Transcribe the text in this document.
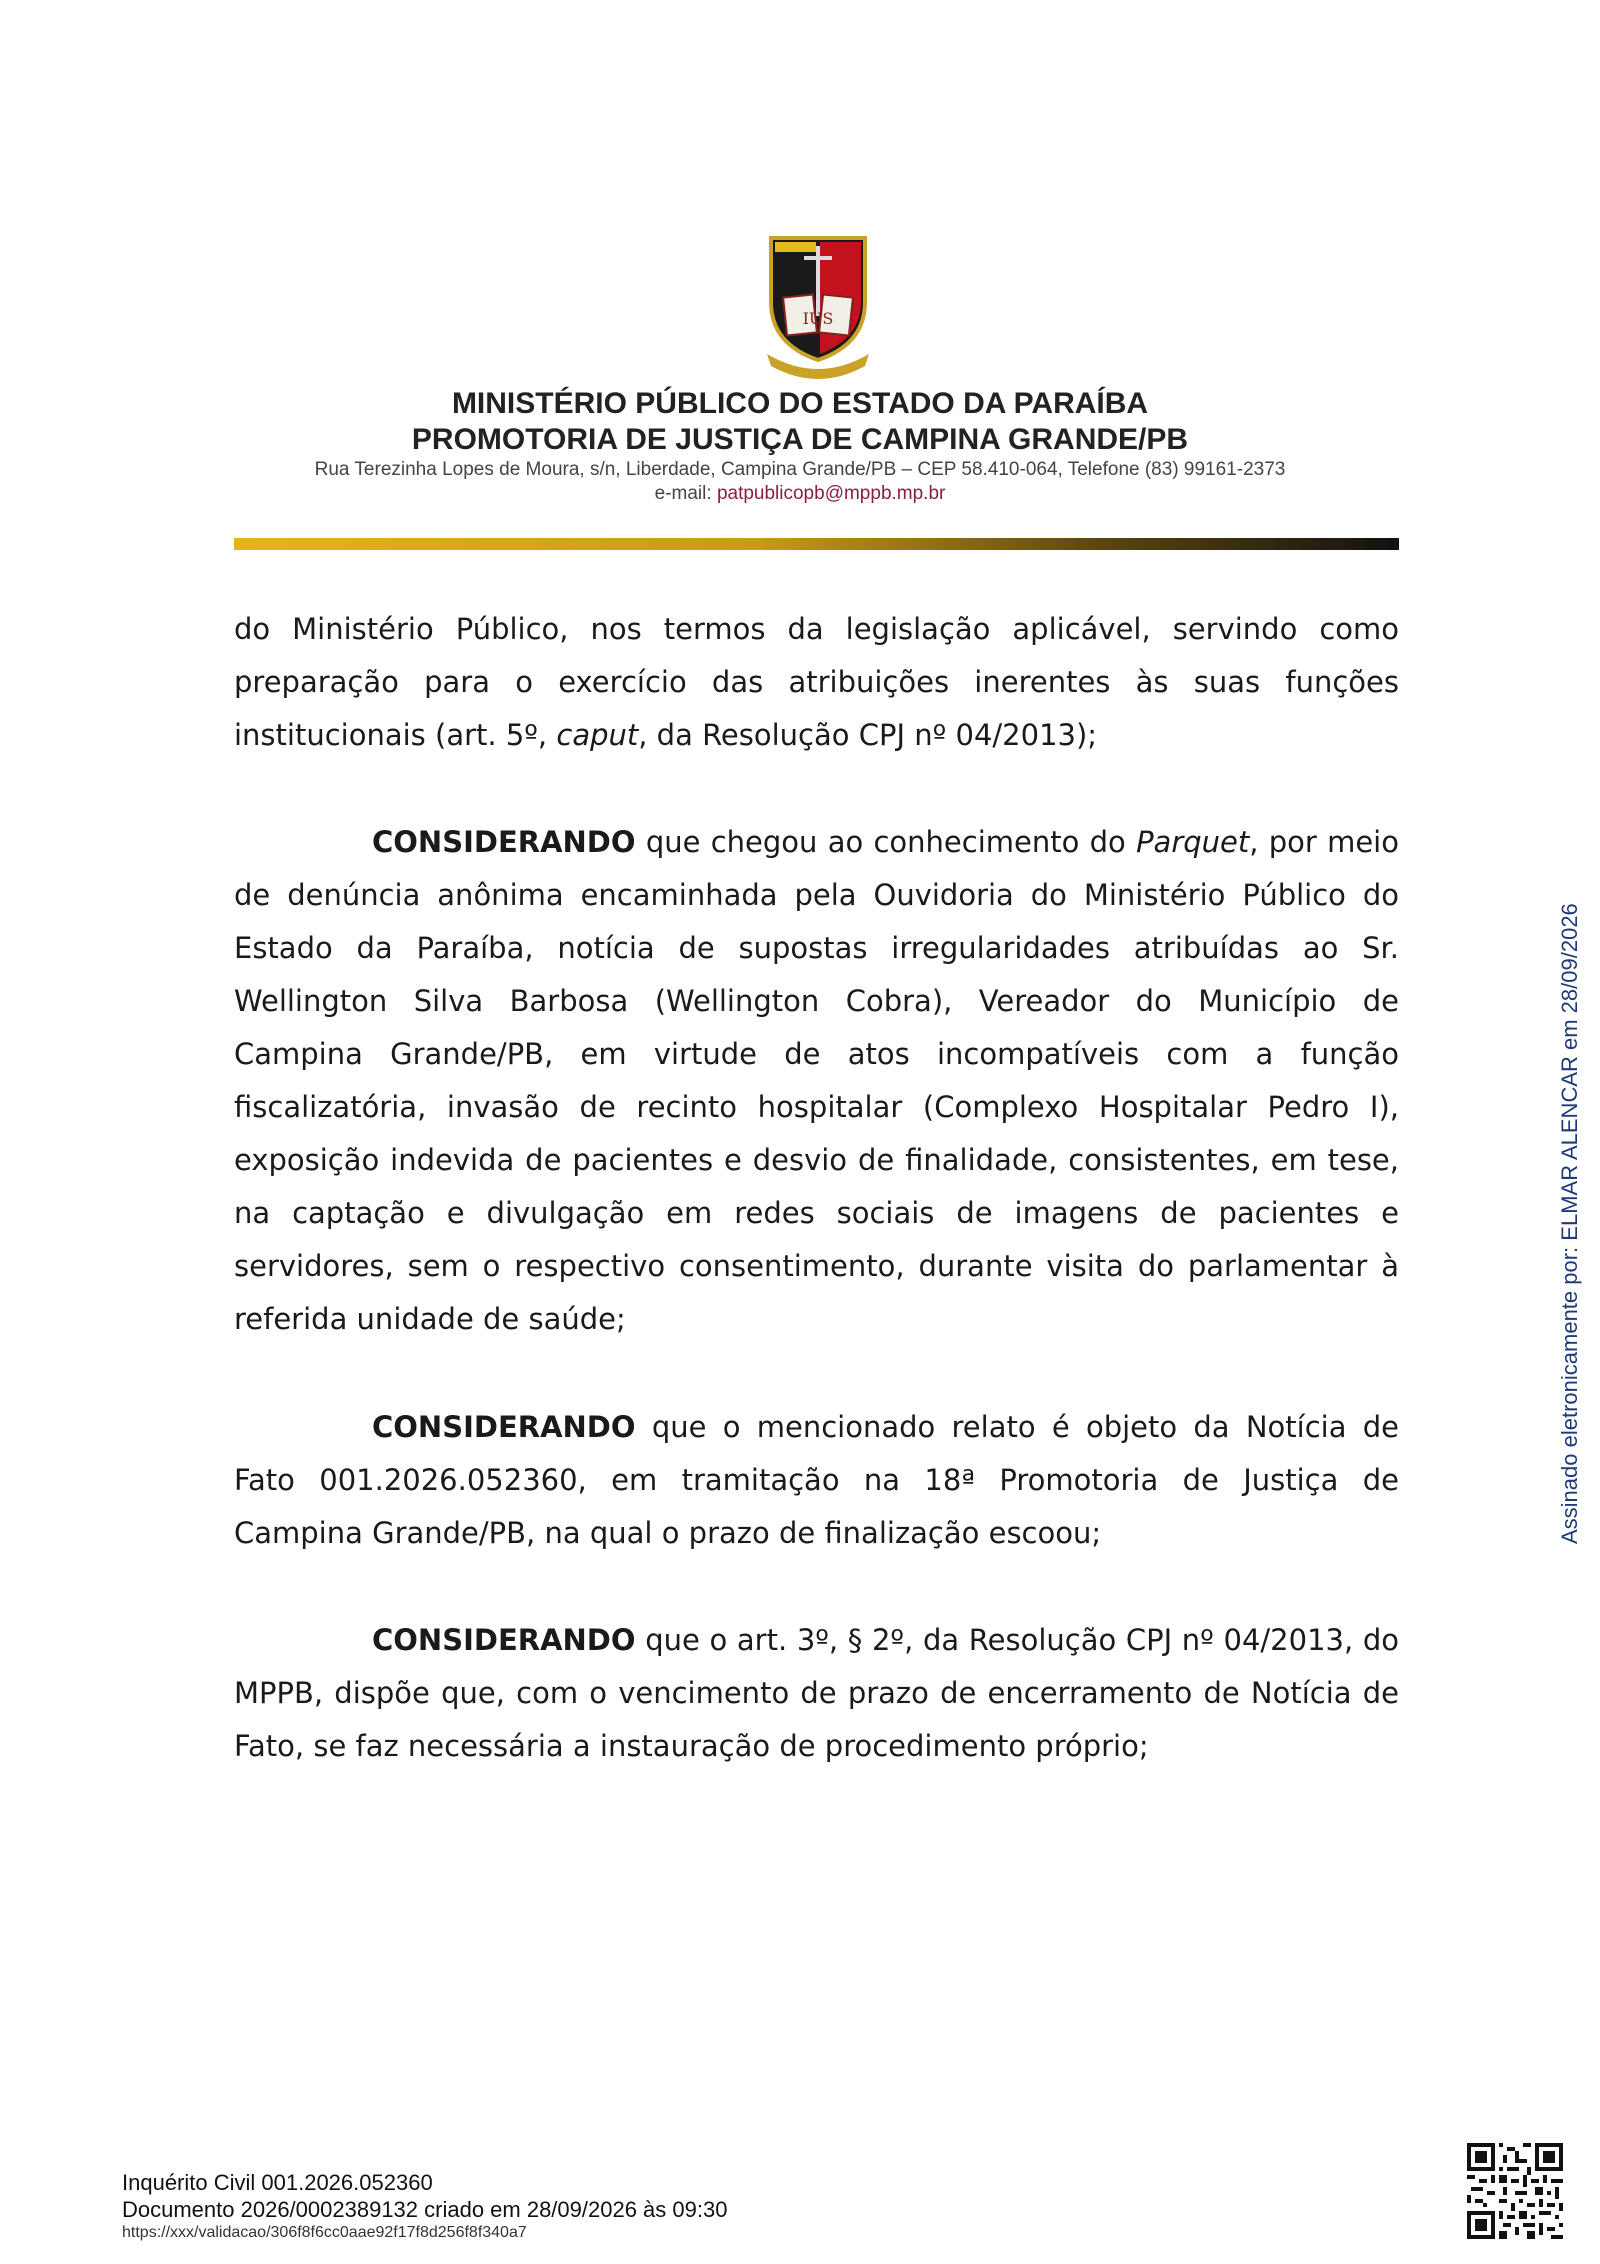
IUS
MINISTÉRIO PÚBLICO DO ESTADO DA PARAÍBA
PROMOTORIA DE JUSTIÇA DE CAMPINA GRANDE/PB
Rua Terezinha Lopes de Moura, s/n, Liberdade, Campina Grande/PB – CEP 58.410-064, Telefone (83) 99161-2373
e-mail: patpublicopb@mppb.mp.br

do Ministério Público, nos termos da legislação aplicável, servindo como preparação para o exercício das atribuições inerentes às suas funções institucionais (art. 5º, caput, da Resolução CPJ nº 04/2013);

CONSIDERANDO que chegou ao conhecimento do Parquet, por meio de denúncia anônima encaminhada pela Ouvidoria do Ministério Público do Estado da Paraíba, notícia de supostas irregularidades atribuídas ao Sr. Wellington Silva Barbosa (Wellington Cobra), Vereador do Município de Campina Grande/PB, em virtude de atos incompatíveis com a função fiscalizatória, invasão de recinto hospitalar (Complexo Hospitalar Pedro I), exposição indevida de pacientes e desvio de finalidade, consistentes, em tese, na captação e divulgação em redes sociais de imagens de pacientes e servidores, sem o respectivo consentimento, durante visita do parlamentar à referida unidade de saúde;

CONSIDERANDO que o mencionado relato é objeto da Notícia de Fato 001.2026.052360, em tramitação na 18ª Promotoria de Justiça de Campina Grande/PB, na qual o prazo de finalização escoou;

CONSIDERANDO que o art. 3º, § 2º, da Resolução CPJ nº 04/2013, do MPPB, dispõe que, com o vencimento de prazo de encerramento de Notícia de Fato, se faz necessária a instauração de procedimento próprio;

Assinado eletronicamente por: ELMAR ALENCAR em 28/09/2026
Inquérito Civil 001.2026.052360
Documento 2026/0002389132 criado em 28/09/2026 às 09:30
https://xxx/validacao/306f8f6cc0aae92f17f8d256f8f340a7
